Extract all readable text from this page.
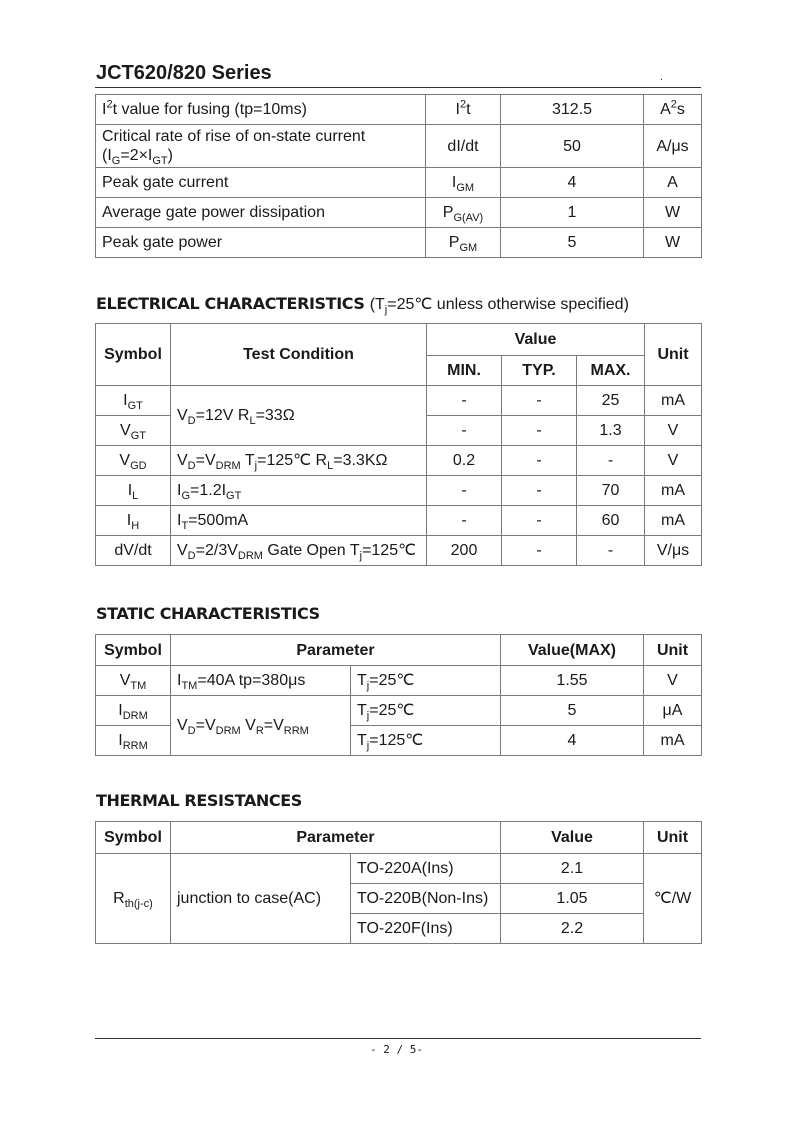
JCT620/820 Series	.
$I^2t$ value for fusing (tp=10ms)	$I^2t$	312.5	$A^2s$
Critical rate of rise of on-state current
$(I_G=2\times I_{GT})$	dI/dt	50	A/μs
Peak gate current	$I_{GM}$	4	A
Average gate power dissipation	$P_{G(AV)}$	1	W
Peak gate power	$P_{GM}$	5	W
ELECTRICAL CHARACTERISTICS ($T_j=25℃$ unless otherwise specified)
Symbol	Test Condition	Value			Unit
		MIN.	TYP.	MAX.	
$I_{GT}$	$V_D=12V$ $R_L=33\Omega$	-	-	25	mA
$V_{GT}$		-	-	1.3	V
$V_{GD}$	$V_D=V_{DRM}$ $T_j=125℃$ $R_L=3.3K\Omega$	0.2	-	-	V
$I_L$	$I_G=1.2I_{GT}$	-	-	70	mA
$I_H$	$I_T=500mA$	-	-	60	mA
dV/dt	$V_D=2/3V_{DRM}$ Gate Open $T_j=125℃$	200	-	-	V/μs
STATIC CHARACTERISTICS
Symbol	Parameter		Value(MAX)	Unit
$V_{TM}$	$I_{TM}=40A$ tp=380μs	$T_j=25℃$	1.55	V
$I_{DRM}$	$V_D=V_{DRM}$ $V_R=V_{RRM}$	$T_j=25℃$	5	μA
$I_{RRM}$		$T_j=125℃$	4	mA
THERMAL RESISTANCES
Symbol	Parameter		Value	Unit
$R_{th(j-c)}$	junction to case(AC)	TO-220A(Ins)	2.1	℃/W
		TO-220B(Non-Ins)	1.05	
		TO-220F(Ins)	2.2	
- 2 / 5-
